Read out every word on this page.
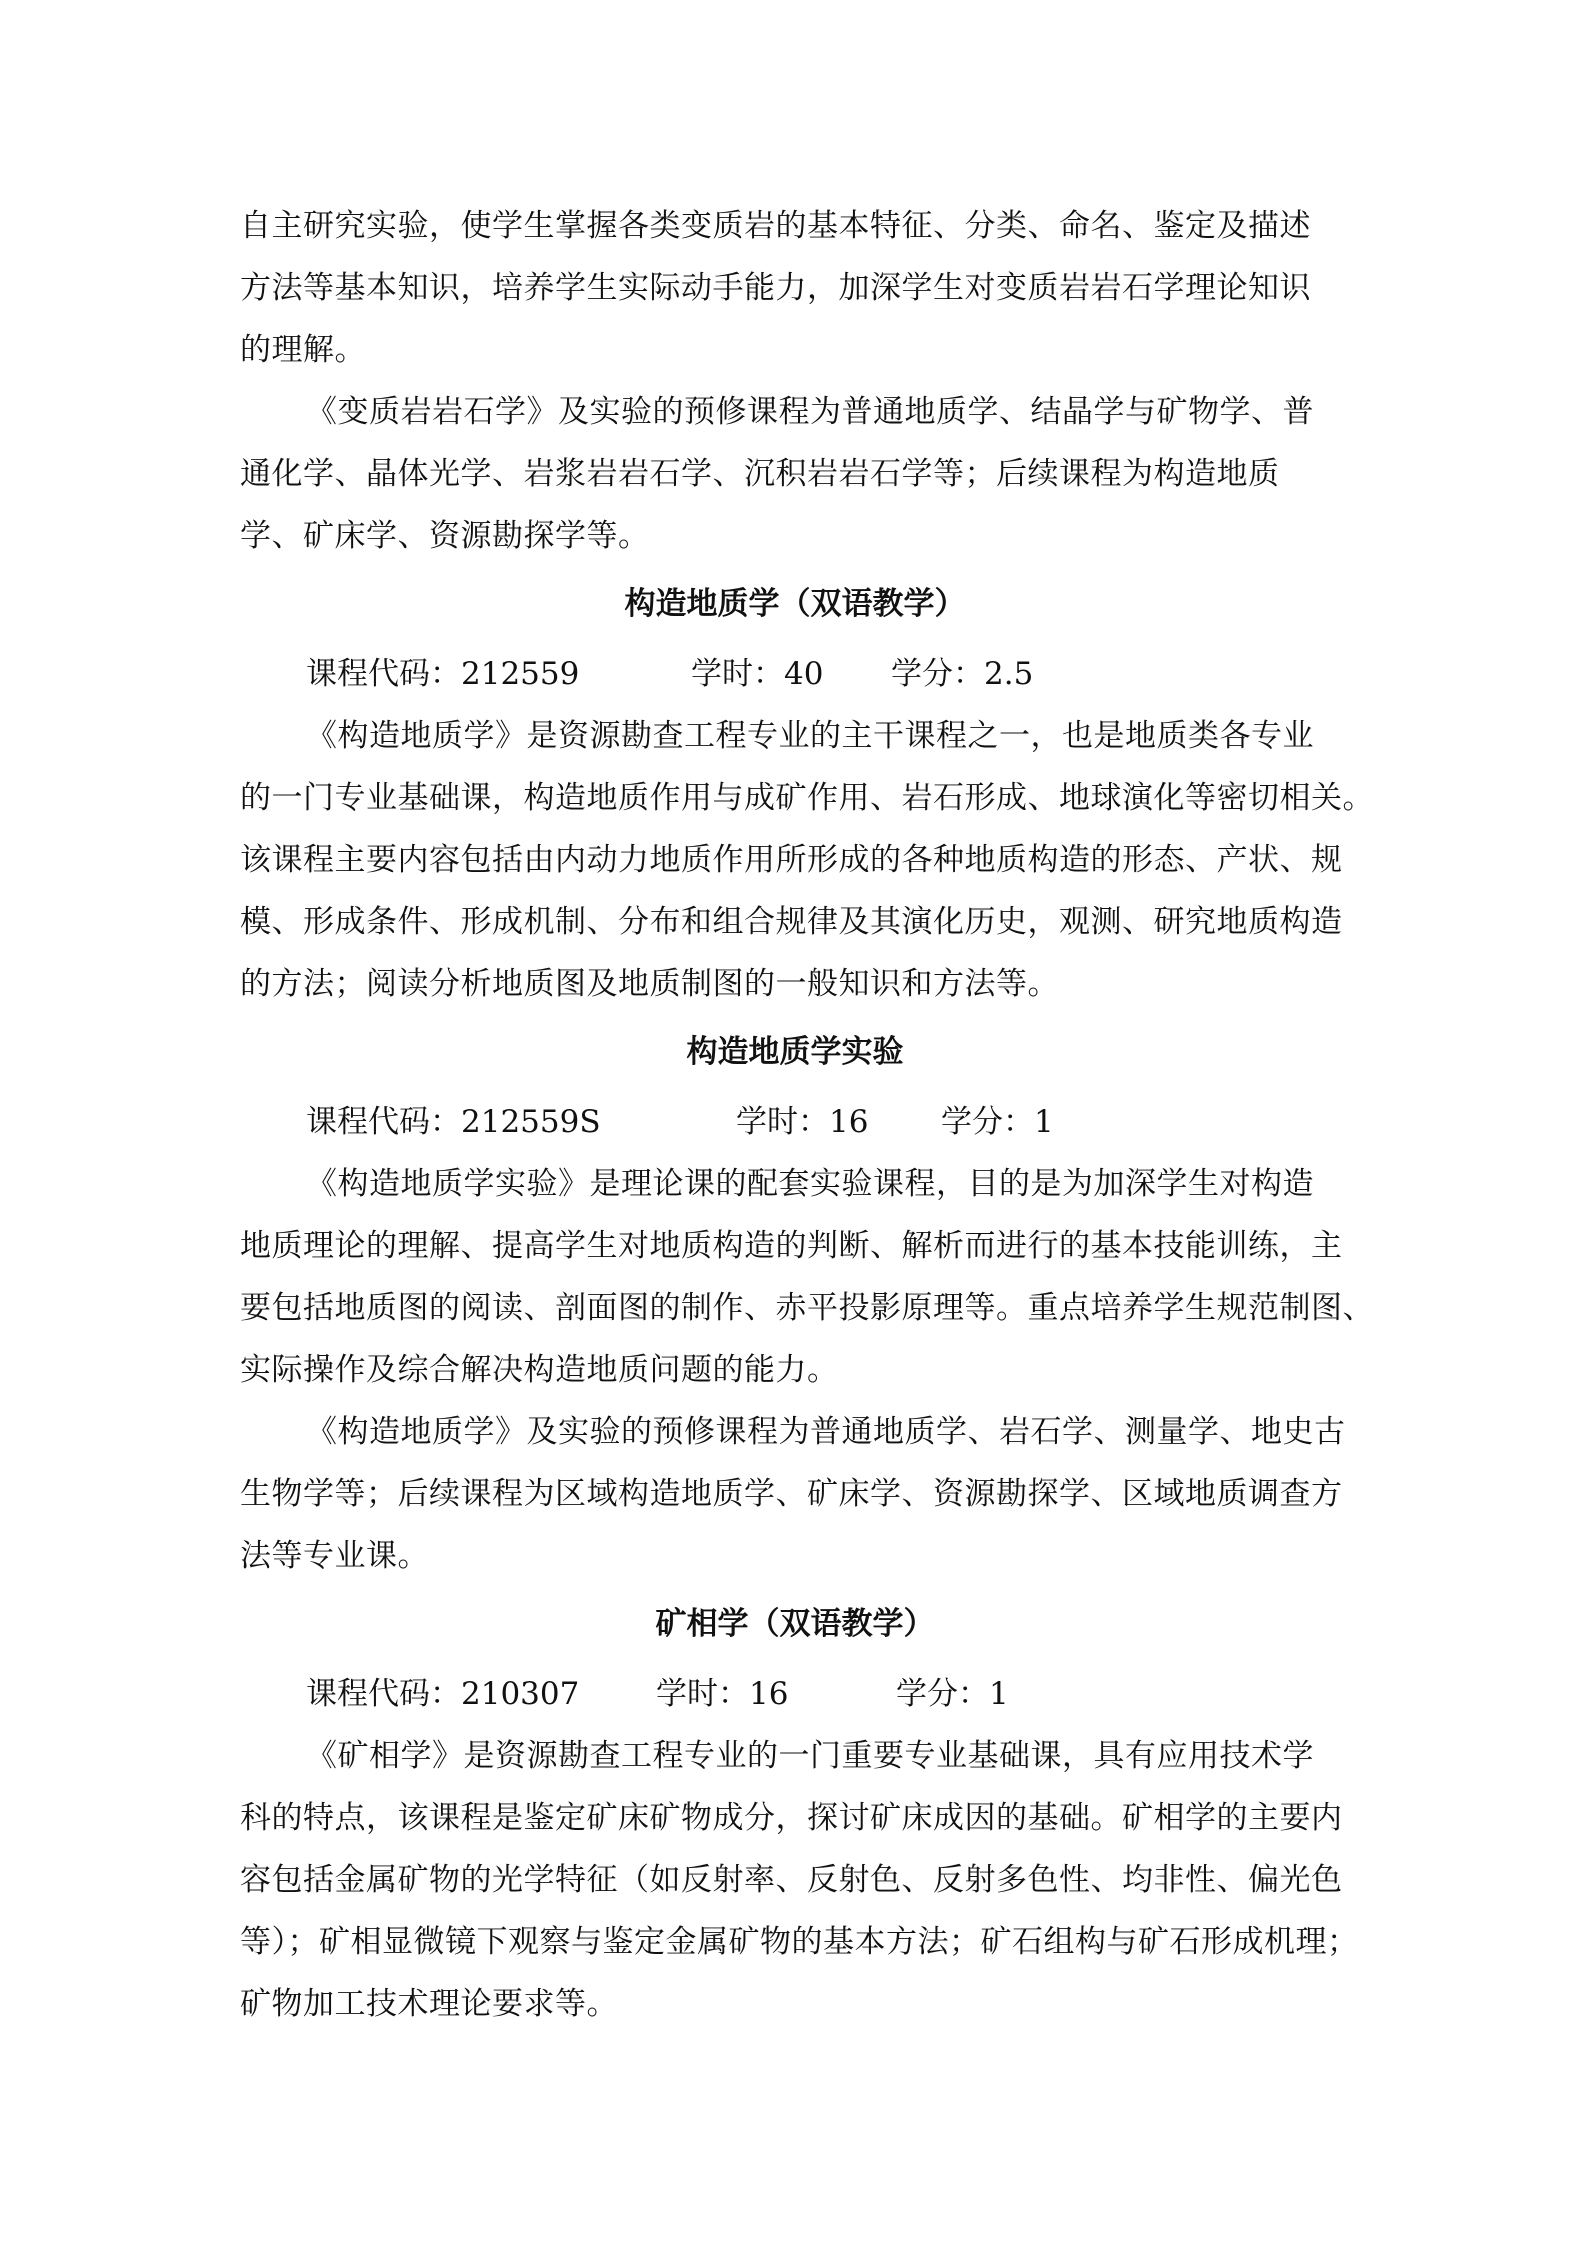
自主研究实验，使学生掌握各类变质岩的基本特征、分类、命名、鉴定及描述
方法等基本知识，培养学生实际动手能力，加深学生对变质岩岩石学理论知识
的理解。

《变质岩岩石学》及实验的预修课程为普通地质学、结晶学与矿物学、普
通化学、晶体光学、岩浆岩岩石学、沉积岩岩石学等；后续课程为构造地质
学、矿床学、资源勘探学等。

构造地质学（双语教学）
课程代码：212559	学时：40	学分：2.5

《构造地质学》是资源勘查工程专业的主干课程之一，也是地质类各专业
的一门专业基础课，构造地质作用与成矿作用、岩石形成、地球演化等密切相关。
该课程主要内容包括由内动力地质作用所形成的各种地质构造的形态、产状、规
模、形成条件、形成机制、分布和组合规律及其演化历史，观测、研究地质构造
的方法；阅读分析地质图及地质制图的一般知识和方法等。

构造地质学实验
课程代码：212559S	学时：16	学分：1

《构造地质学实验》是理论课的配套实验课程，目的是为加深学生对构造
地质理论的理解、提高学生对地质构造的判断、解析而进行的基本技能训练，主
要包括地质图的阅读、剖面图的制作、赤平投影原理等。重点培养学生规范制图、
实际操作及综合解决构造地质问题的能力。

《构造地质学》及实验的预修课程为普通地质学、岩石学、测量学、地史古
生物学等；后续课程为区域构造地质学、矿床学、资源勘探学、区域地质调查方
法等专业课。

矿相学（双语教学）
课程代码：210307	学时：16	学分：1

《矿相学》是资源勘查工程专业的一门重要专业基础课，具有应用技术学
科的特点，该课程是鉴定矿床矿物成分，探讨矿床成因的基础。矿相学的主要内
容包括金属矿物的光学特征（如反射率、反射色、反射多色性、均非性、偏光色
等）；矿相显微镜下观察与鉴定金属矿物的基本方法；矿石组构与矿石形成机理；
矿物加工技术理论要求等。
